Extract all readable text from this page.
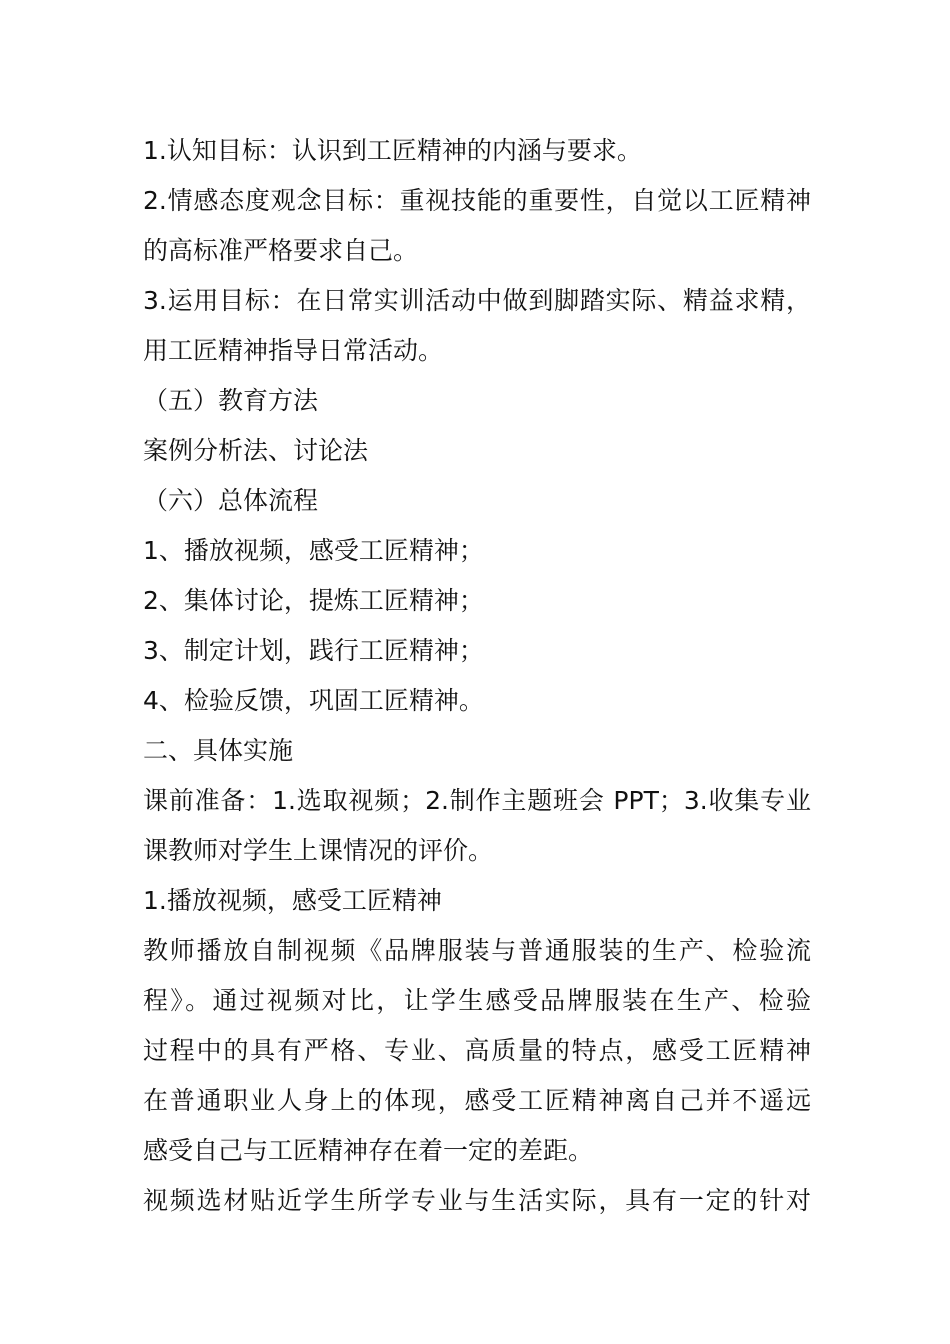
1.认知目标：认识到工匠精神的内涵与要求。
2.情感态度观念目标：重视技能的重要性，自觉以工匠精神
的高标准严格要求自己。
3.运用目标：在日常实训活动中做到脚踏实际、精益求精，
用工匠精神指导日常活动。
（五）教育方法
案例分析法、讨论法
（六）总体流程
1、播放视频，感受工匠精神；
2、集体讨论，提炼工匠精神；
3、制定计划，践行工匠精神；
4、检验反馈，巩固工匠精神。
二、具体实施
课前准备：1.选取视频；2.制作主题班会 PPT；3.收集专业
课教师对学生上课情况的评价。
1.播放视频，感受工匠精神
教师播放自制视频《品牌服装与普通服装的生产、检验流
程》。通过视频对比，让学生感受品牌服装在生产、检验
过程中的具有严格、专业、高质量的特点，感受工匠精神
在普通职业人身上的体现，感受工匠精神离自己并不遥远
感受自己与工匠精神存在着一定的差距。
视频选材贴近学生所学专业与生活实际，具有一定的针对
